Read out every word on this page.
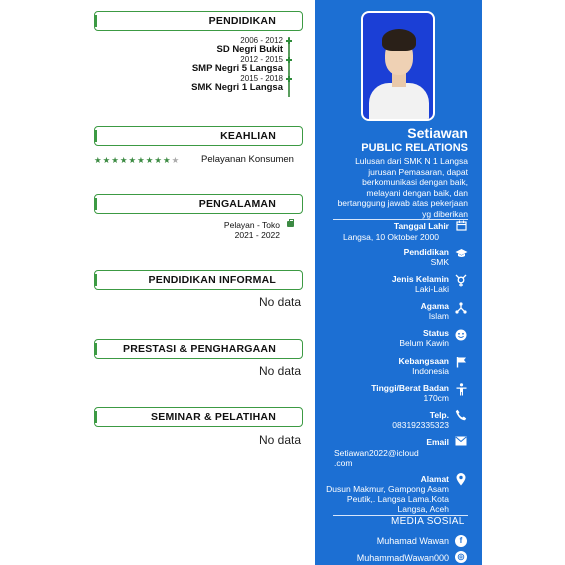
PENDIDIKAN
2006 - 2012
SD Negri Bukit
2012 - 2015
SMP Negri 5 Langsa
2015 - 2018
SMK Negri 1 Langsa
KEAHLIAN
★★★★★★★★★★ Pelayanan Konsumen
PENGALAMAN
Pelayan - Toko
2021 - 2022
PENDIDIKAN INFORMAL
No data
PRESTASI & PENGHARGAAN
No data
SEMINAR & PELATIHAN
No data
Setiawan
PUBLIC RELATIONS
Lulusan dari SMK N 1 Langsa jurusan Pemasaran, dapat berkomunikasi dengan baik, melayani dengan baik, dan bertanggung jawab atas pekerjaan yg diberikan
Tanggal Lahir
Langsa, 10 Oktober 2000
Pendidikan
SMK
Jenis Kelamin
Laki-Laki
Agama
Islam
Status
Belum Kawin
Kebangsaan
Indonesia
Tinggi/Berat Badan
170cm
Telp.
083192335323
Email
Setiawan2022@icloud
.com
Alamat
Dusun Makmur, Gampong Asam Peutik,. Langsa Lama.Kota Langsa, Aceh
MEDIA SOSIAL
Muhamad Wawan	f
MuhammadWawan000	◎
